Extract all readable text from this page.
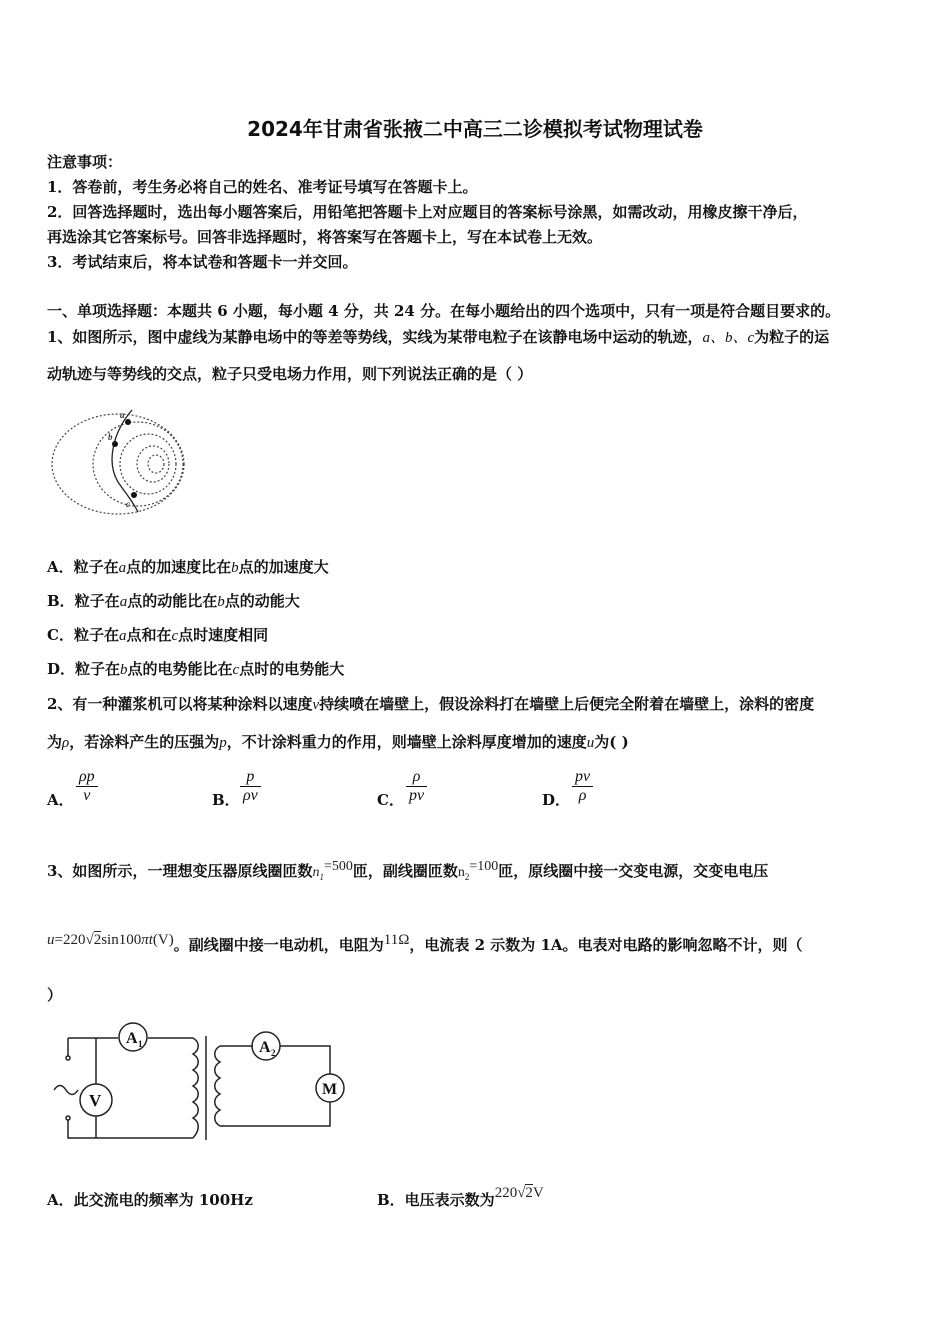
2024年甘肃省张掖二中高三二诊模拟考试物理试卷
注意事项：
1．答卷前，考生务必将自己的姓名、准考证号填写在答题卡上。
2．回答选择题时，选出每小题答案后，用铅笔把答题卡上对应题目的答案标号涂黑，如需改动，用橡皮擦干净后，
再选涂其它答案标号。回答非选择题时，将答案写在答题卡上，写在本试卷上无效。
3．考试结束后，将本试卷和答题卡一并交回。
一、单项选择题：本题共 6 小题，每小题 4 分，共 24 分。在每小题给出的四个选项中，只有一项是符合题目要求的。
1、如图所示，图中虚线为某静电场中的等差等势线，实线为某带电粒子在该静电场中运动的轨迹，a、b、c为粒子的运
动轨迹与等势线的交点，粒子只受电场力作用，则下列说法正确的是（ ）
a
b
c
A．粒子在a点的加速度比在b点的加速度大
B．粒子在a点的动能比在b点的动能大
C．粒子在a点和在c点时速度相同
D．粒子在b点的电势能比在c点时的电势能大
2、有一种灌浆机可以将某种涂料以速度v持续喷在墙壁上，假设涂料打在墙壁上后便完全附着在墙壁上，涂料的密度
为ρ，若涂料产生的压强为p，不计涂料重力的作用，则墙壁上涂料厚度增加的速度u为( )
A． $\frac{\rho p}{v}$	B． $\frac{p}{\rho v}$	C． $\frac{\rho}{pv}$	D． $\frac{pv}{\rho}$
3、如图所示，一理想变压器原线圈匝数$n_1=500$匝，副线圈匝数$n_2=100$匝，原线圈中接一交变电源，交变电电压
u=220√2sin100πt(V)。副线圈中接一电动机，电阻为11Ω，电流表 2 示数为 1A。电表对电路的影响忽略不计，则（
）
A 1
V
A 2
M
A．此交流电的频率为 100Hz	B．电压表示数为220√2V
